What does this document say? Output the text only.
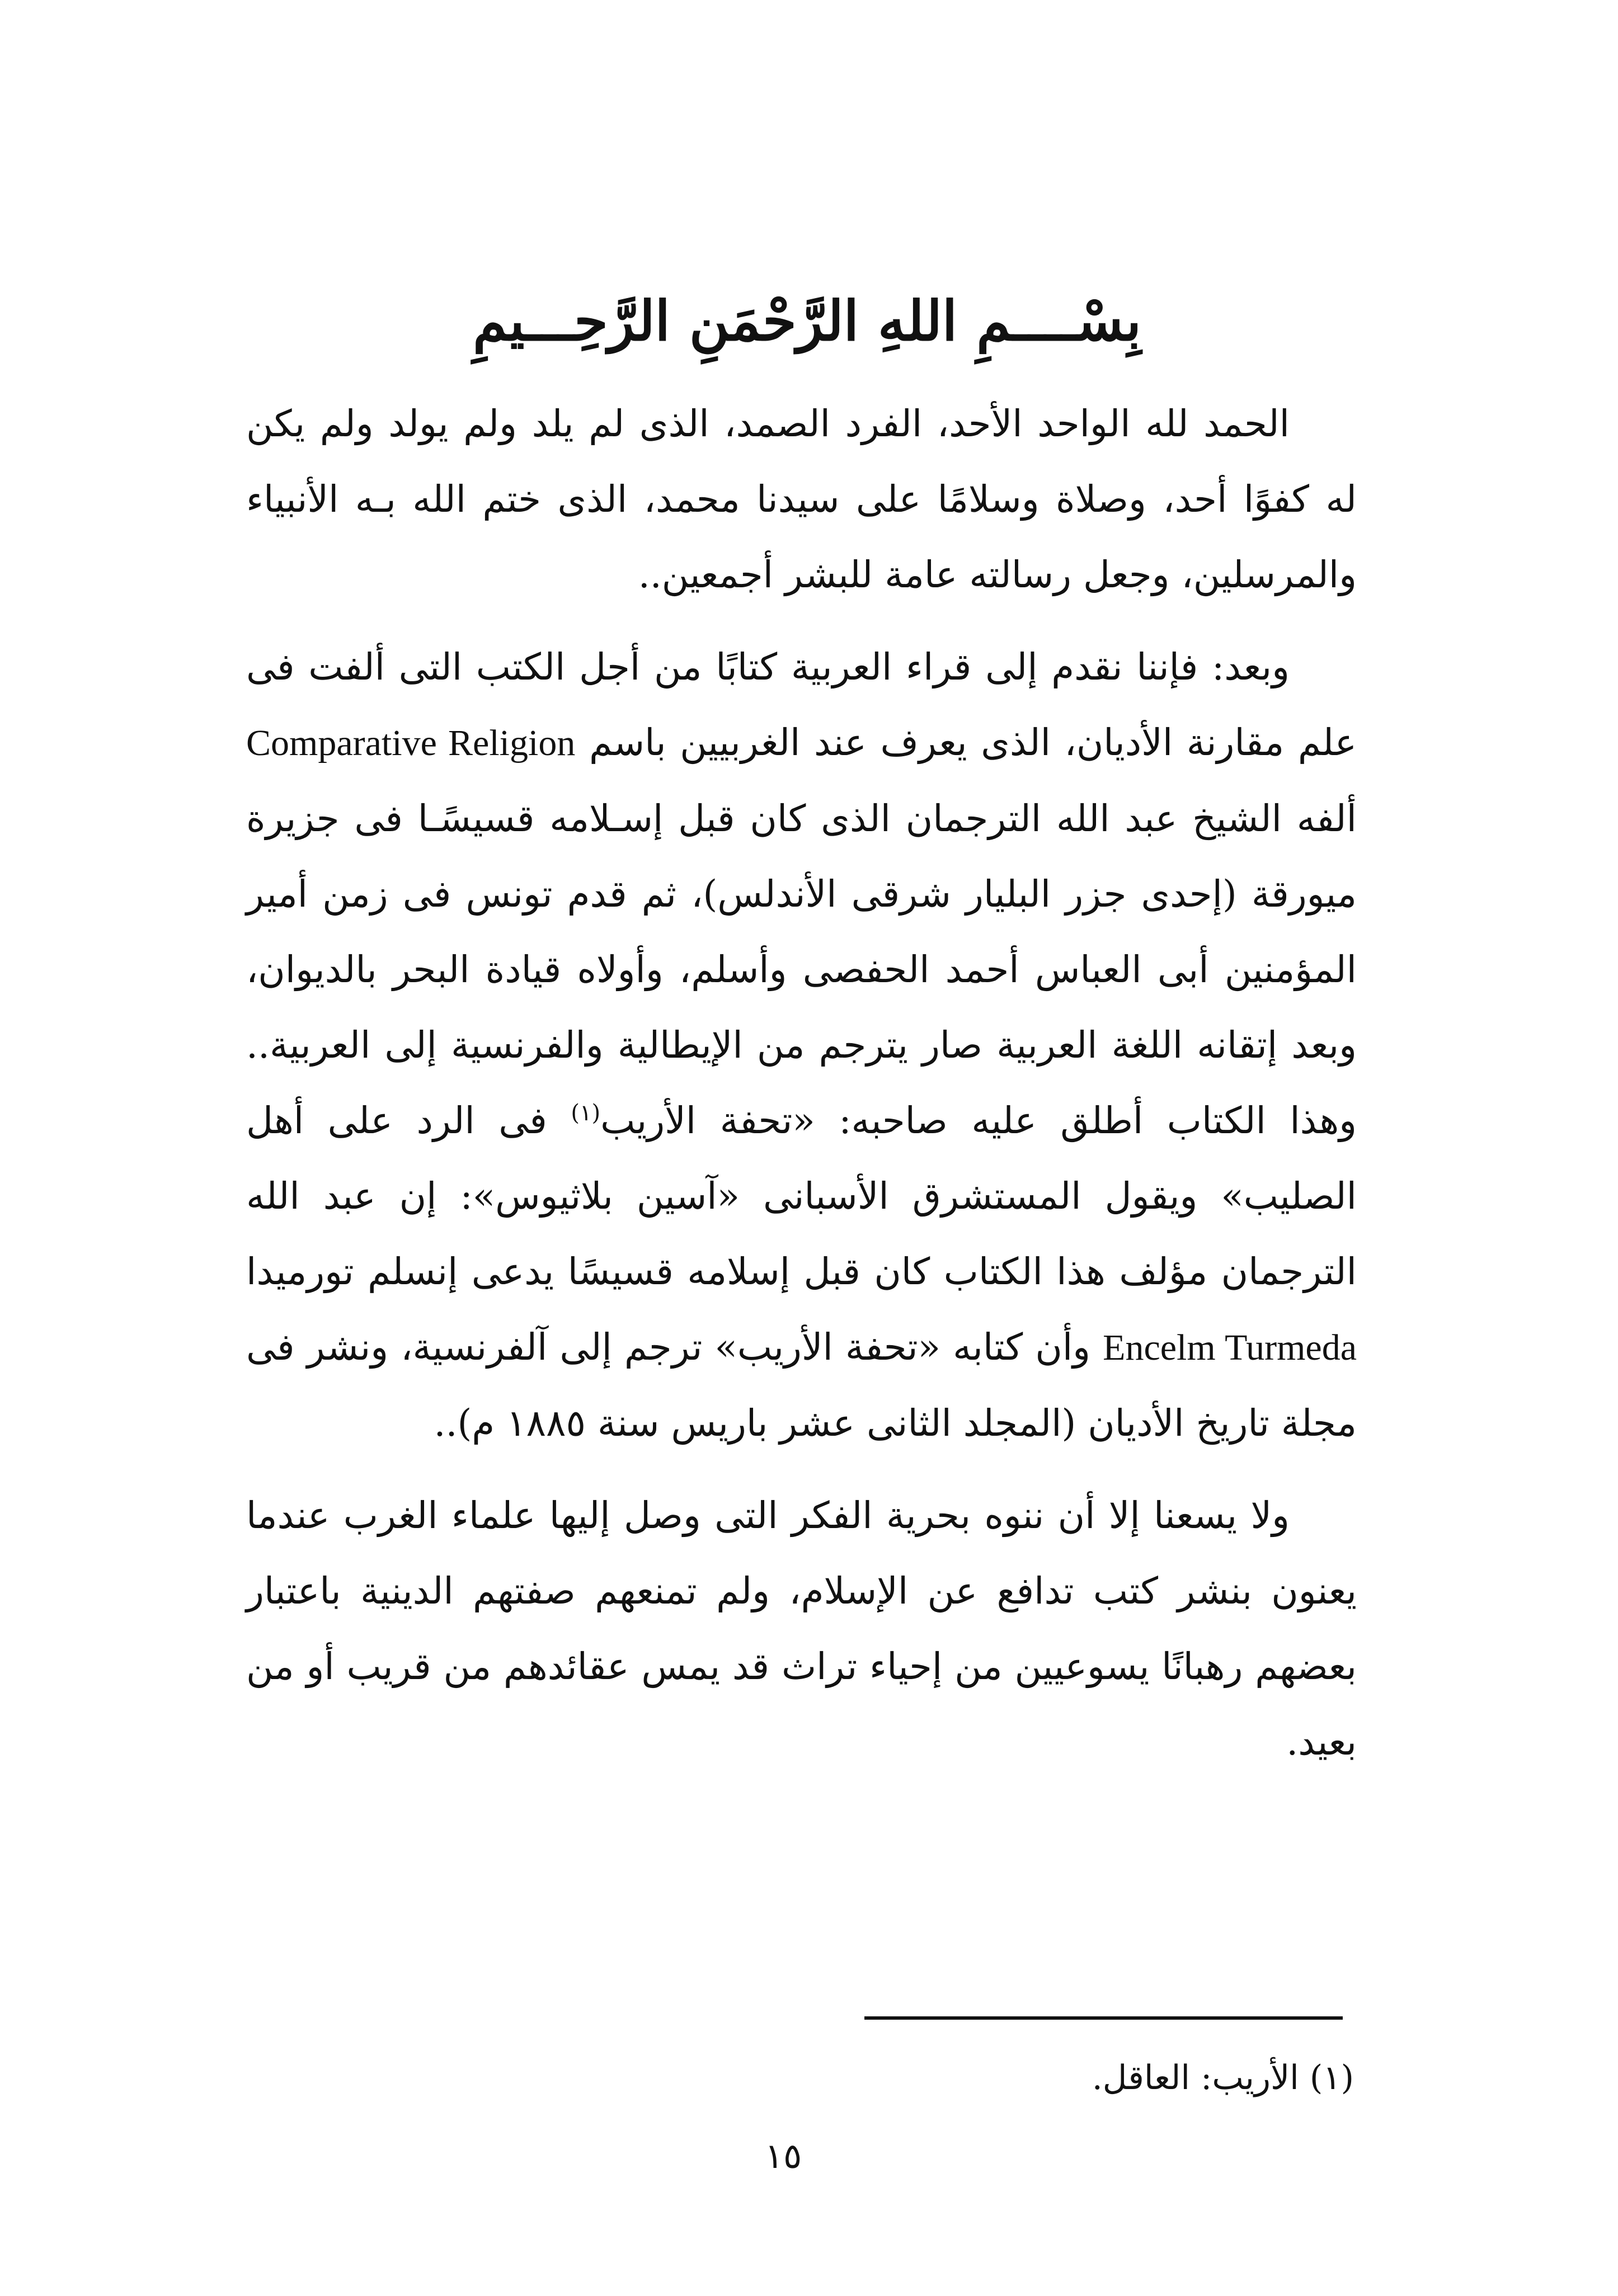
بِسْــــمِ اللهِ الرَّحْمَنِ الرَّحِـــيمِ

الحمد لله الواحد الأحد، الفرد الصمد، الذى لم يلد ولم يولد ولم يكن له كفوًا أحد، وصلاة وسلامًا على سيدنا محمد، الذى ختم الله بـه الأنبياء والمرسلين، وجعل رسالته عامة للبشر أجمعين..

وبعد: فإننا نقدم إلى قراء العربية كتابًا من أجل الكتب التى ألفت فى علم مقارنة الأديان، الذى يعرف عند الغربيين باسم Comparative Religion ألفه الشيخ عبد الله الترجمان الذى كان قبل إسـلامه قسيسًـا فى جزيرة ميورقة (إحدى جزر البليار شرقى الأندلس)، ثم قدم تونس فى زمن أمير المؤمنين أبى العباس أحمد الحفصى وأسلم، وأولاه قيادة البحر بالديوان، وبعد إتقانه اللغة العربية صار يترجم من الإيطالية والفرنسية إلى العربية.. وهذا الكتاب أطلق عليه صاحبه: «تحفة الأريب$^{(١)}$ فى الرد على أهل الصليب» ويقول المستشرق الأسبانى «آسين بلاثيوس»: إن عبد الله الترجمان مؤلف هذا الكتاب كان قبل إسلامه قسيسًا يدعى إنسلم تورميدا Encelm Turmeda وأن كتابه «تحفة الأريب» ترجم إلى آلفرنسية، ونشر فى مجلة تاريخ الأديان (المجلد الثانى عشر باريس سنة ١٨٨٥ م)..

ولا يسعنا إلا أن ننوه بحرية الفكر التى وصل إليها علماء الغرب عندما يعنون بنشر كتب تدافع عن الإسلام، ولم تمنعهم صفتهم الدينية باعتبار بعضهم رهبانًا يسوعيين من إحياء تراث قد يمس عقائدهم من قريب أو من بعيد.

(١) الأريب: العاقل.
١٥
